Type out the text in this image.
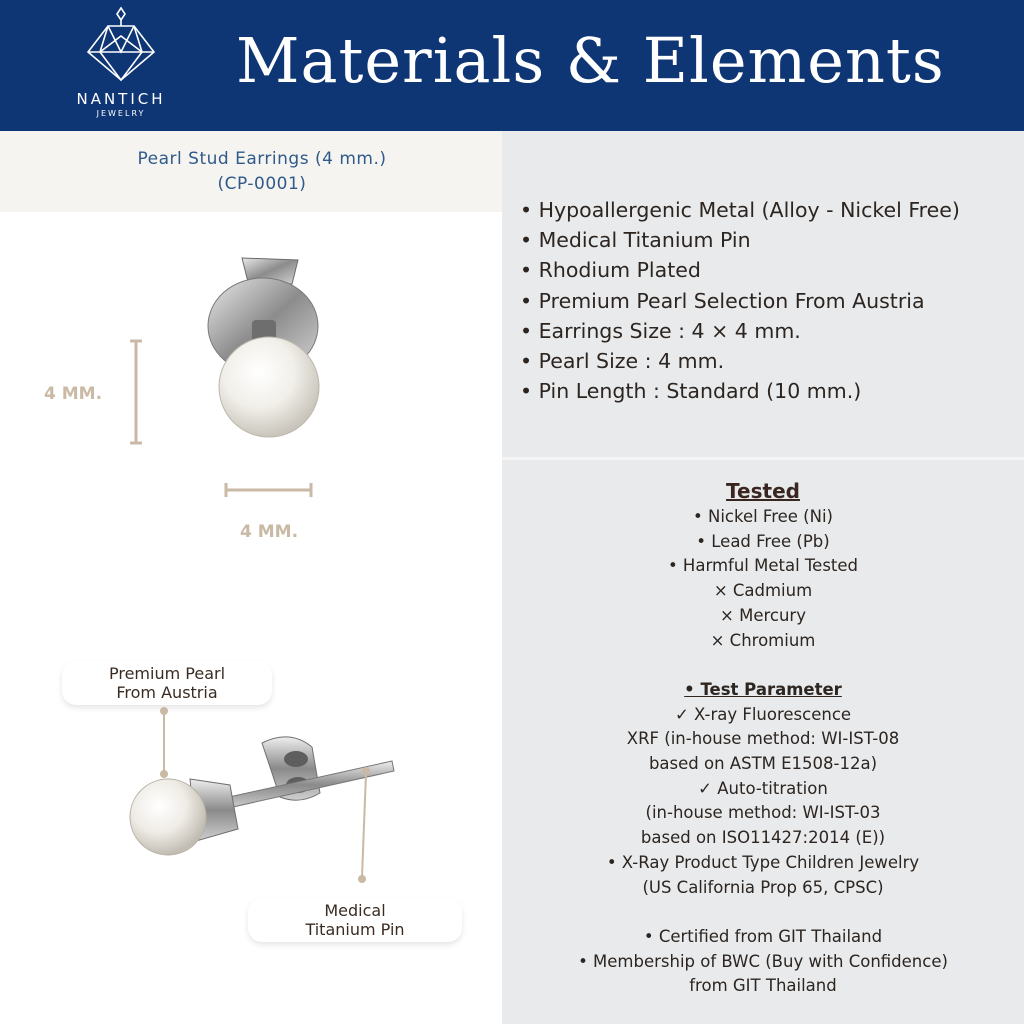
NANTICH
JEWELRY
Materials & Elements
Pearl Stud Earrings (4 mm.)
(CP-0001)
4 MM.
4 MM.
Premium Pearl
From Austria
Medical
Titanium Pin
• Hypoallergenic Metal (Alloy - Nickel Free)
• Medical Titanium Pin
• Rhodium Plated
• Premium Pearl Selection From Austria
• Earrings Size : 4 × 4 mm.
• Pearl Size : 4 mm.
• Pin Length : Standard (10 mm.)
Tested
• Nickel Free (Ni)
• Lead Free (Pb)
• Harmful Metal Tested
× Cadmium
× Mercury
× Chromium
• Test Parameter
✓ X-ray Fluorescence
XRF (in-house method: WI-IST-08
based on ASTM E1508-12a)
✓ Auto-titration
(in-house method: WI-IST-03
based on ISO11427:2014 (E))
• X-Ray Product Type Children Jewelry
(US California Prop 65, CPSC)
• Certified from GIT Thailand
• Membership of BWC (Buy with Confidence)
from GIT Thailand
